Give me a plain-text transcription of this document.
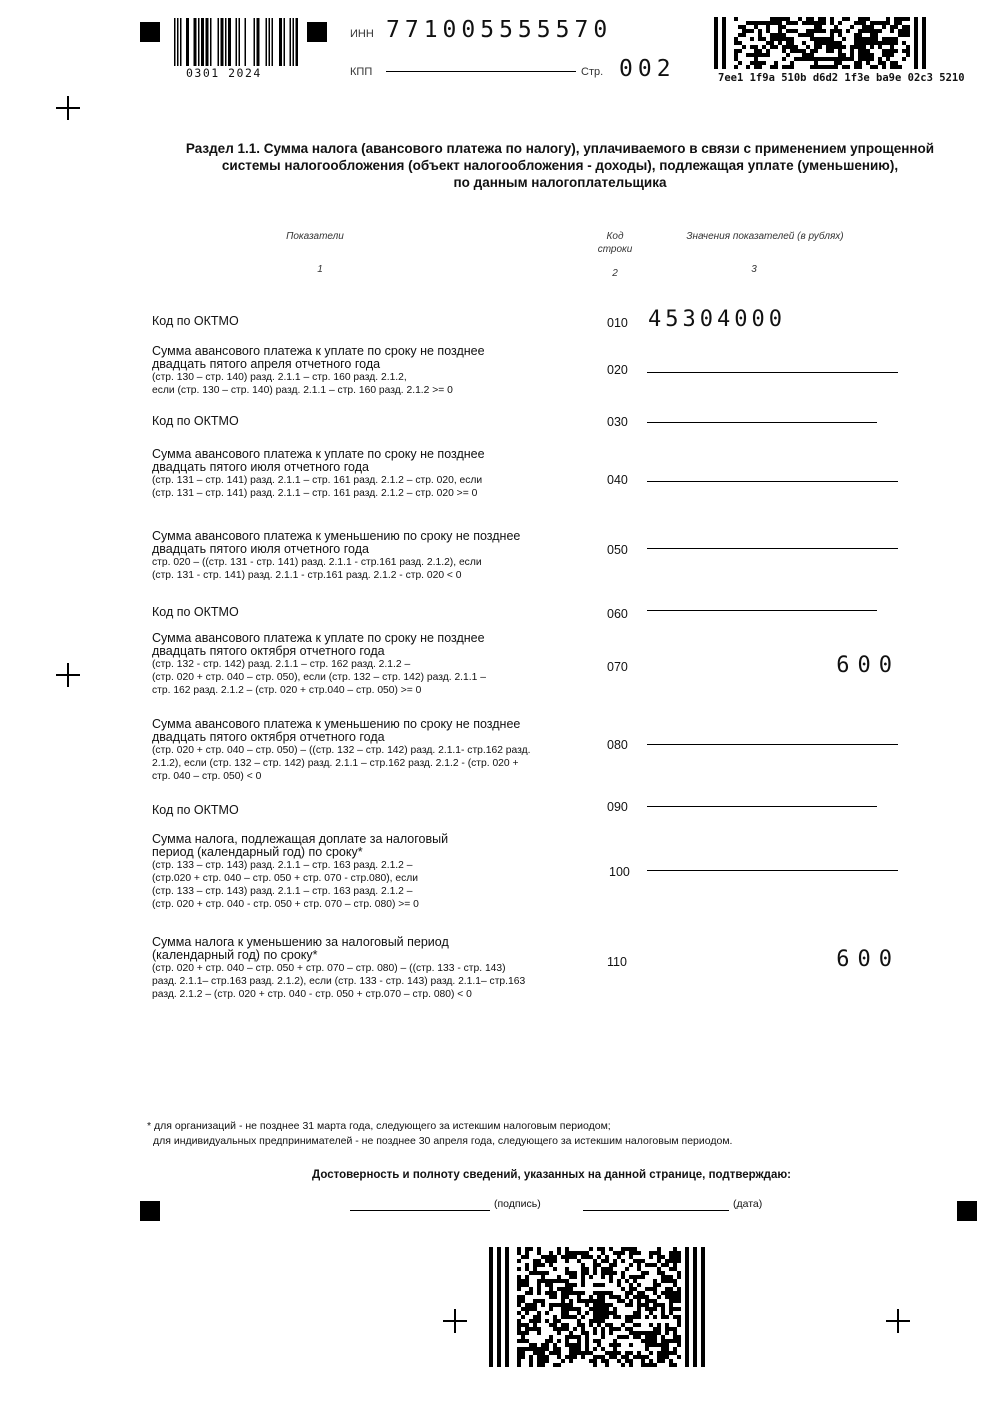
0301 2024
ИНН 771005555570
КПП	Стр. 002	7ee1 1f9a 510b d6d2 1f3e ba9e 02c3 5210
Раздел 1.1. Сумма налога (авансового платежа по налогу), уплачиваемого в связи с применением упрощенной
системы налогообложения (объект налогообложения - доходы), подлежащая уплате (уменьшению),
по данным налогоплательщика
Показатели	Код
строки
Значения показателей (в рублях)
1	2	3
Код по ОКТМО	010 45304000
Сумма авансового платежа к уплате по сроку не позднее
двадцать пятого апреля отчетного года
(стр. 130 – стр. 140) разд. 2.1.1 – стр. 160 разд. 2.1.2,
если (стр. 130 – стр. 140) разд. 2.1.1 – стр. 160 разд. 2.1.2 >= 0
020
Код по ОКТМО	030
Сумма авансового платежа к уплате по сроку не позднее
двадцать пятого июля отчетного года
(стр. 131 – стр. 141) разд. 2.1.1 – стр. 161 разд. 2.1.2 – стр. 020, если
(стр. 131 – стр. 141) разд. 2.1.1 – стр. 161 разд. 2.1.2 – стр. 020 >= 0
040
Сумма авансового платежа к уменьшению по сроку не позднее
двадцать пятого июля отчетного года
стр. 020 – ((стр. 131 - стр. 141) разд. 2.1.1 - стр.161 разд. 2.1.2), если
(стр. 131 - стр. 141) разд. 2.1.1 - стр.161 разд. 2.1.2 - стр. 020 < 0
050
Код по ОКТМО	060
Сумма авансового платежа к уплате по сроку не позднее
двадцать пятого октября отчетного года
(стр. 132 - стр. 142) разд. 2.1.1 – стр. 162 разд. 2.1.2 –
(стр. 020 + стр. 040 – стр. 050), если (стр. 132 – стр. 142) разд. 2.1.1 –
стр. 162 разд. 2.1.2 – (стр. 020 + стр.040 – стр. 050) >= 0
070	600
Сумма авансового платежа к уменьшению по сроку не позднее
двадцать пятого октября отчетного года
(стр. 020 + стр. 040 – стр. 050) – ((стр. 132 – стр. 142) разд. 2.1.1- стр.162 разд.
2.1.2), если (стр. 132 – стр. 142) разд. 2.1.1 – стр.162 разд. 2.1.2 - (стр. 020 +
стр. 040 – стр. 050) < 0
080
Код по ОКТМО	090
Сумма налога, подлежащая доплате за налоговый
период (календарный год) по сроку*
(стр. 133 – стр. 143) разд. 2.1.1 – стр. 163 разд. 2.1.2 –
(стр.020 + стр. 040 – стр. 050 + стр. 070 - стр.080), если
(стр. 133 – стр. 143) разд. 2.1.1 – стр. 163 разд. 2.1.2 –
(стр. 020 + стр. 040 - стр. 050 + стр. 070 – стр. 080) >= 0
100
Сумма налога к уменьшению за налоговый период
(календарный год) по сроку*
(стр. 020 + стр. 040 – стр. 050 + стр. 070 – стр. 080) – ((стр. 133 - стр. 143)
разд. 2.1.1– стр.163 разд. 2.1.2), если (стр. 133 - стр. 143) разд. 2.1.1– стр.163
разд. 2.1.2 – (стр. 020 + стр. 040 - стр. 050 + стр.070 – стр. 080) < 0
110	600
* для организаций - не позднее 31 марта года, следующего за истекшим налоговым периодом;
для индивидуальных предпринимателей - не позднее 30 апреля года, следующего за истекшим налоговым периодом.
Достоверность и полноту сведений, указанных на данной странице, подтверждаю:
(подпись)	(дата)
